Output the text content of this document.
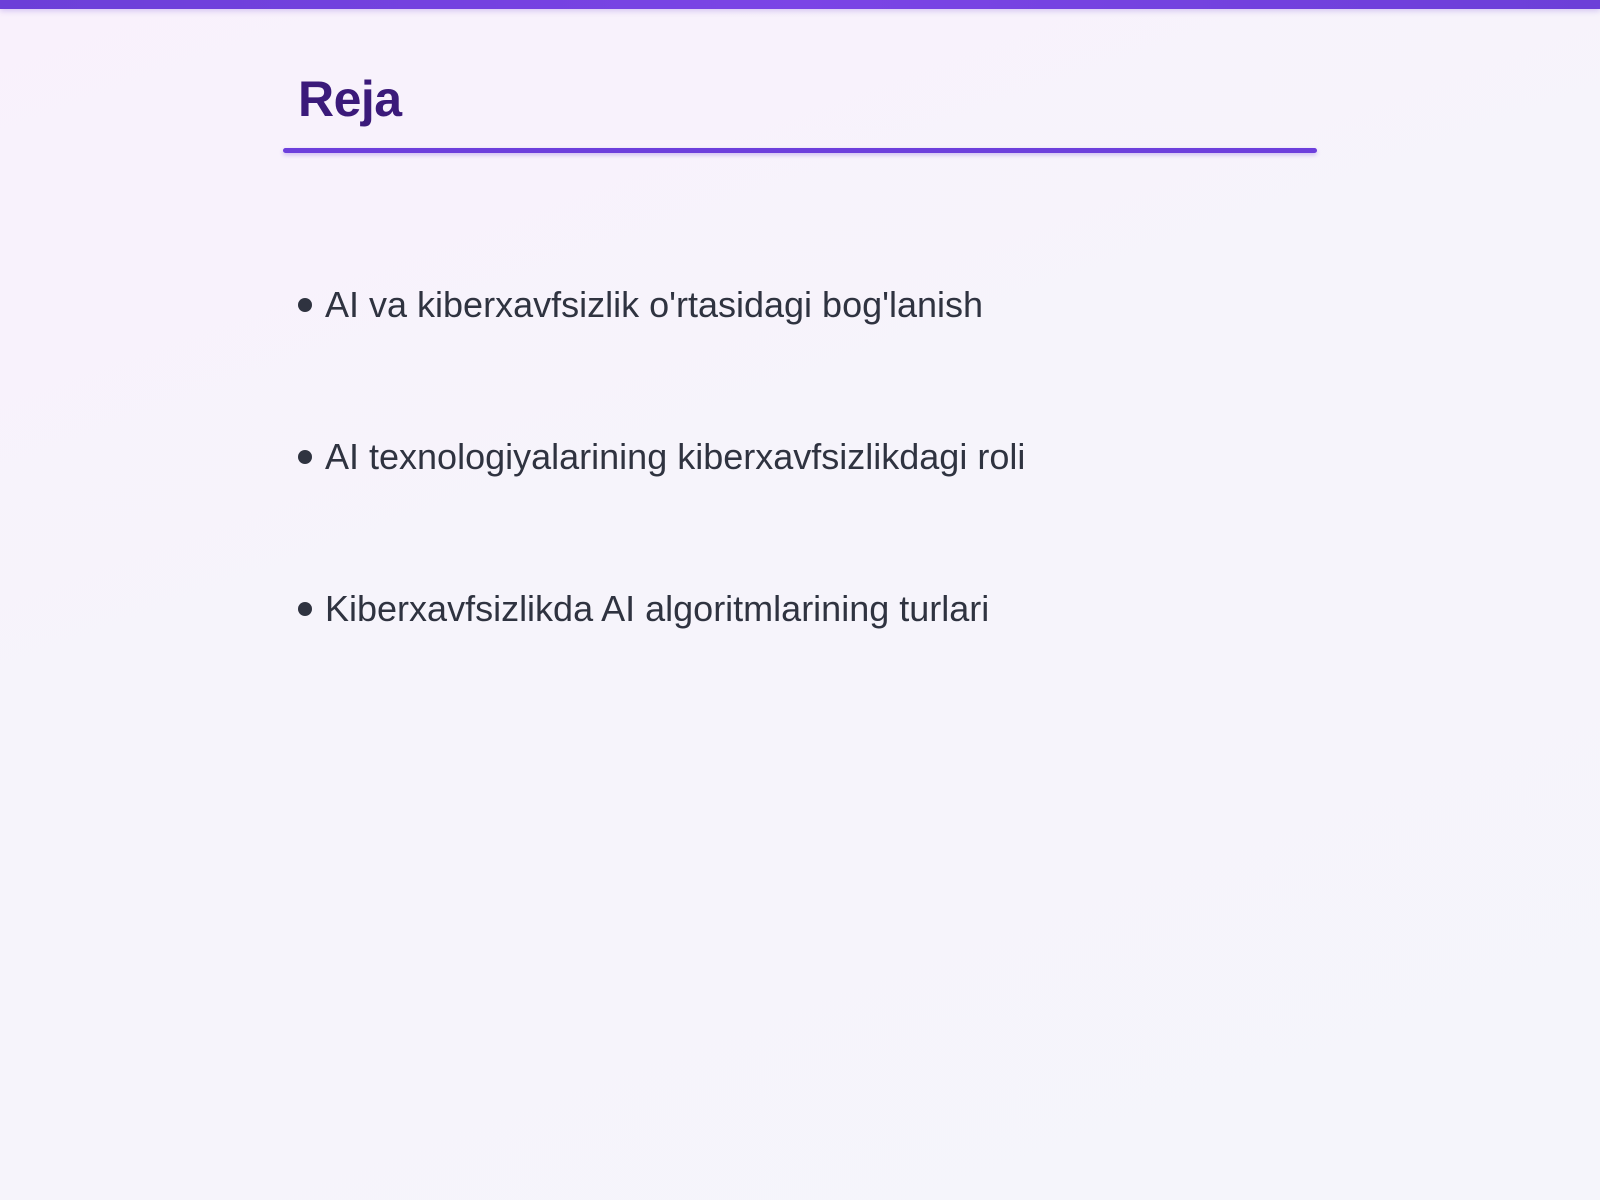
Reja
AI va kiberxavfsizlik o'rtasidagi bog'lanish
AI texnologiyalarining kiberxavfsizlikdagi roli
Kiberxavfsizlikda AI algoritmlarining turlari
